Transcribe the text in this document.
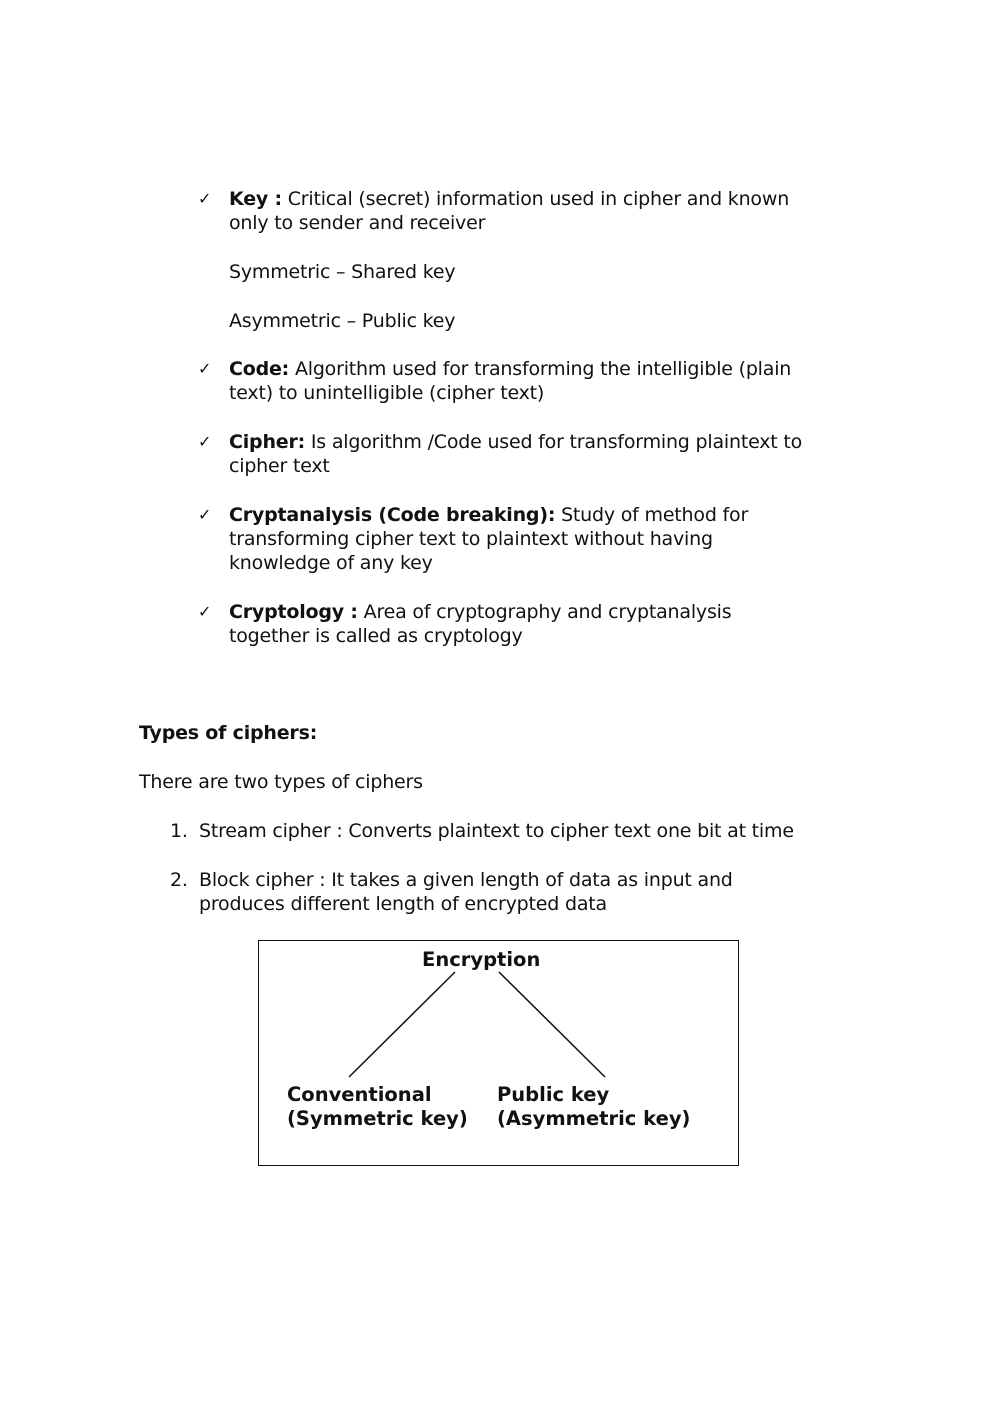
✓ Key : Critical (secret) information used in cipher and known
only to sender and receiver
Symmetric – Shared key
Asymmetric – Public key
✓ Code: Algorithm used for transforming the intelligible (plain
text) to unintelligible (cipher text)
✓ Cipher: Is algorithm /Code used for transforming plaintext to
cipher text
✓ Cryptanalysis (Code breaking): Study of method for
transforming cipher text to plaintext without having
knowledge of any key
✓ Cryptology : Area of cryptography and cryptanalysis
together is called as cryptology
Types of ciphers:
There are two types of ciphers
1. Stream cipher : Converts plaintext to cipher text one bit at time
2. Block cipher : It takes a given length of data as input and
produces different length of encrypted data
Encryption
Conventional
(Symmetric key)
Public key
(Asymmetric key)
